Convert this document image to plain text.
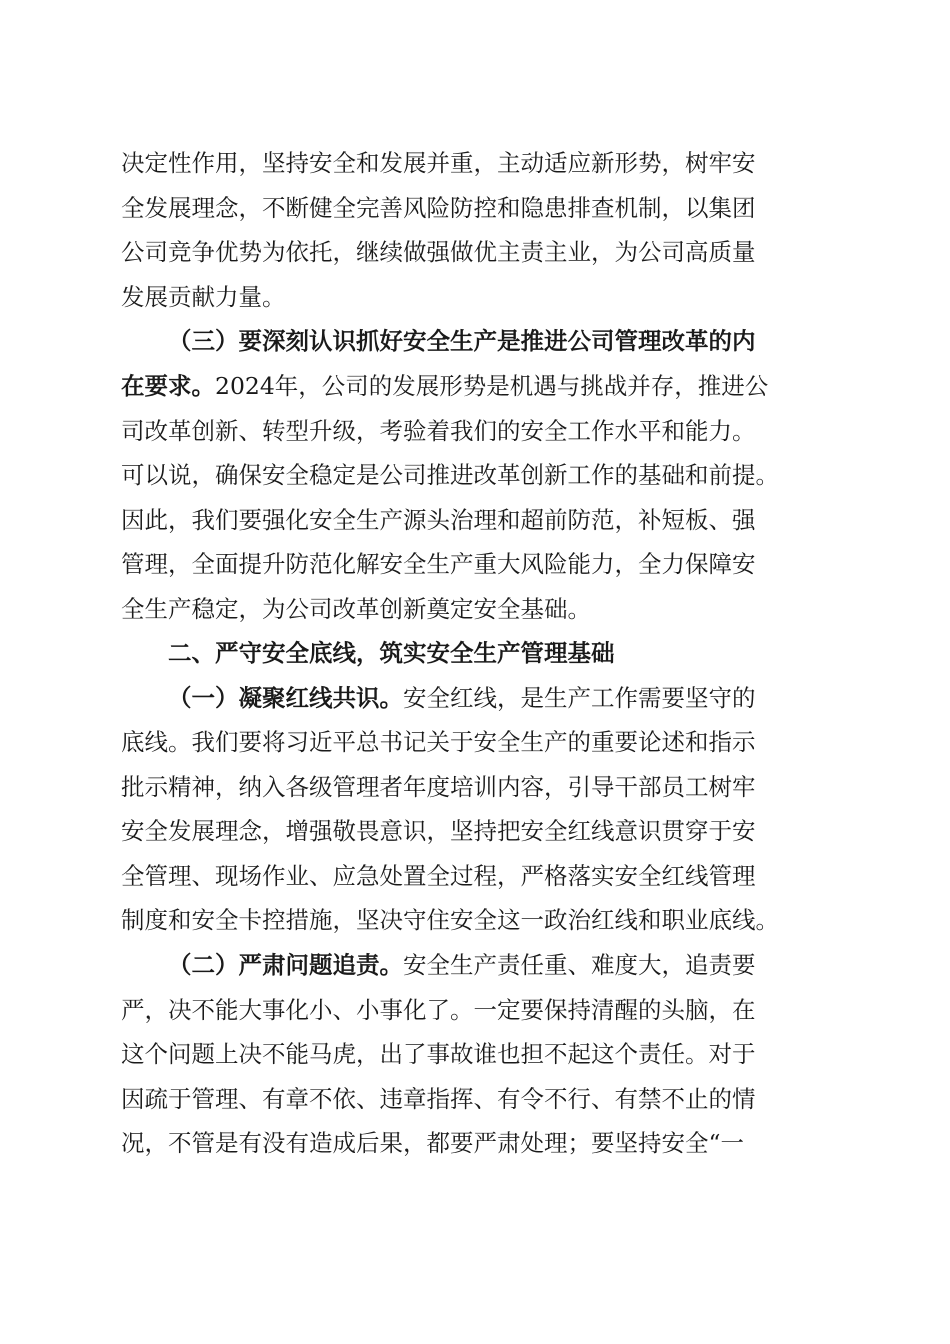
决定性作用，坚持安全和发展并重，主动适应新形势，树牢安
全发展理念，不断健全完善风险防控和隐患排查机制，以集团
公司竞争优势为依托，继续做强做优主责主业，为公司高质量
发展贡献力量。
（三）要深刻认识抓好安全生产是推进公司管理改革的内
在要求。2024年，公司的发展形势是机遇与挑战并存，推进公
司改革创新、转型升级，考验着我们的安全工作水平和能力。
可以说，确保安全稳定是公司推进改革创新工作的基础和前提。
因此，我们要强化安全生产源头治理和超前防范，补短板、强
管理，全面提升防范化解安全生产重大风险能力，全力保障安
全生产稳定，为公司改革创新奠定安全基础。
二、严守安全底线，筑实安全生产管理基础
（一）凝聚红线共识。安全红线，是生产工作需要坚守的
底线。我们要将习近平总书记关于安全生产的重要论述和指示
批示精神，纳入各级管理者年度培训内容，引导干部员工树牢
安全发展理念，增强敬畏意识，坚持把安全红线意识贯穿于安
全管理、现场作业、应急处置全过程，严格落实安全红线管理
制度和安全卡控措施，坚决守住安全这一政治红线和职业底线。
（二）严肃问题追责。安全生产责任重、难度大，追责要
严，决不能大事化小、小事化了。一定要保持清醒的头脑，在
这个问题上决不能马虎，出了事故谁也担不起这个责任。对于
因疏于管理、有章不依、违章指挥、有令不行、有禁不止的情
况，不管是有没有造成后果，都要严肃处理；要坚持安全“一
